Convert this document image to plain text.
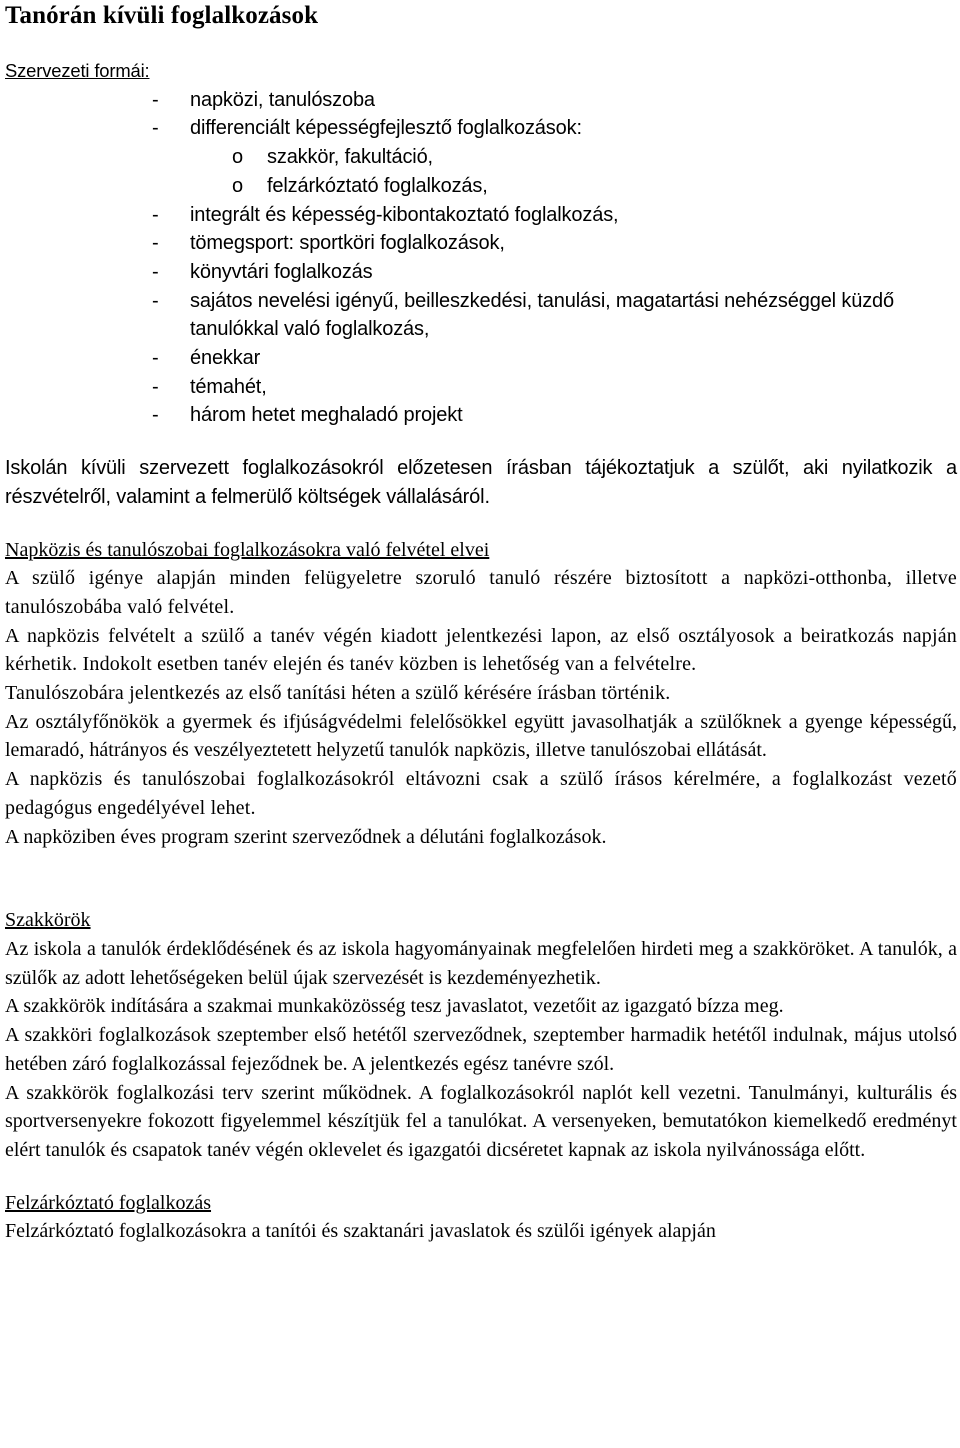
Tanórán kívüli foglalkozások

Szervezeti formái:

- napközi, tanulószoba
- differenciált képességfejlesztő foglalkozások:
o szakkör, fakultáció,
o felzárkóztató foglalkozás,
- integrált és képesség-kibontakoztató foglalkozás,
- tömegsport: sportköri foglalkozások,
- könyvtári foglalkozás
- sajátos nevelési igényű, beilleszkedési, tanulási, magatartási nehézséggel küzdő tanulókkal való foglalkozás,
- énekkar
- témahét,
- három hetet meghaladó projekt

Iskolán kívüli szervezett foglalkozásokról előzetesen írásban tájékoztatjuk a szülőt, aki nyilatkozik a részvételről, valamint a felmerülő költségek vállalásáról.

Napközis és tanulószobai foglalkozásokra való felvétel elvei

A szülő igénye alapján minden felügyeletre szoruló tanuló részére biztosított a napközi-otthonba, illetve tanulószobába való felvétel.

A napközis felvételt a szülő a tanév végén kiadott jelentkezési lapon, az első osztályosok a beiratkozás napján kérhetik. Indokolt esetben tanév elején és tanév közben is lehetőség van a felvételre.

Tanulószobára jelentkezés az első tanítási héten a szülő kérésére írásban történik.

Az osztályfőnökök a gyermek és ifjúságvédelmi felelősökkel együtt javasolhatják a szülőknek a gyenge képességű, lemaradó, hátrányos és veszélyeztetett helyzetű tanulók napközis, illetve tanulószobai ellátását.

A napközis és tanulószobai foglalkozásokról eltávozni csak a szülő írásos kérelmére, a foglalkozást vezető pedagógus engedélyével lehet.

A napköziben éves program szerint szerveződnek a délutáni foglalkozások.

Szakkörök

Az iskola a tanulók érdeklődésének és az iskola hagyományainak megfelelően hirdeti meg a szakköröket. A tanulók, a szülők az adott lehetőségeken belül újak szervezését is kezdeményezhetik.

A szakkörök indítására a szakmai munkaközösség tesz javaslatot, vezetőit az igazgató bízza meg.

A szakköri foglalkozások szeptember első hetétől szerveződnek, szeptember harmadik hetétől indulnak, május utolsó hetében záró foglalkozással fejeződnek be. A jelentkezés egész tanévre szól.

A szakkörök foglalkozási terv szerint működnek. A foglalkozásokról naplót kell vezetni. Tanulmányi, kulturális és sportversenyekre fokozott figyelemmel készítjük fel a tanulókat. A versenyeken, bemutatókon kiemelkedő eredményt elért tanulók és csapatok tanév végén oklevelet és igazgatói dicséretet kapnak az iskola nyilvánossága előtt.

Felzárkóztató foglalkozás

Felzárkóztató foglalkozásokra a tanítói és szaktanári javaslatok és szülői igények alapján
